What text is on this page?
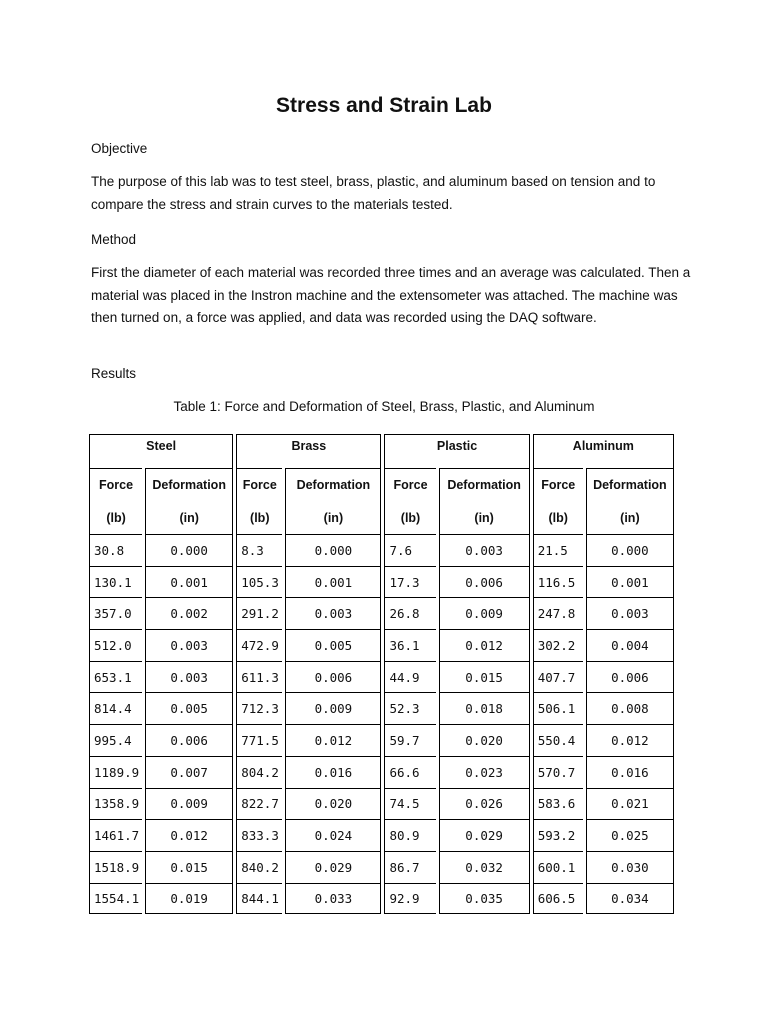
Stress and Strain Lab
Objective
The purpose of this lab was to test steel, brass, plastic, and aluminum based on tension and to compare the stress and strain curves to the materials tested.
Method
First the diameter of each material was recorded three times and an average was calculated. Then a material was placed in the Instron machine and the extensometer was attached. The machine was then turned on, a force was applied, and data was recorded using the DAQ software.
Results
Table 1: Force and Deformation of Steel, Brass, Plastic, and Aluminum
Steel		Brass		Plastic		Aluminum	
Force	Deformation	Force	Deformation	Force	Deformation	Force	Deformation
(lb)	(in)	(lb)	(in)	(lb)	(in)	(lb)	(in)
30.8	0.000	8.3	0.000	7.6	0.003	21.5	0.000
130.1	0.001	105.3	0.001	17.3	0.006	116.5	0.001
357.0	0.002	291.2	0.003	26.8	0.009	247.8	0.003
512.0	0.003	472.9	0.005	36.1	0.012	302.2	0.004
653.1	0.003	611.3	0.006	44.9	0.015	407.7	0.006
814.4	0.005	712.3	0.009	52.3	0.018	506.1	0.008
995.4	0.006	771.5	0.012	59.7	0.020	550.4	0.012
1189.9	0.007	804.2	0.016	66.6	0.023	570.7	0.016
1358.9	0.009	822.7	0.020	74.5	0.026	583.6	0.021
1461.7	0.012	833.3	0.024	80.9	0.029	593.2	0.025
1518.9	0.015	840.2	0.029	86.7	0.032	600.1	0.030
1554.1	0.019	844.1	0.033	92.9	0.035	606.5	0.034
